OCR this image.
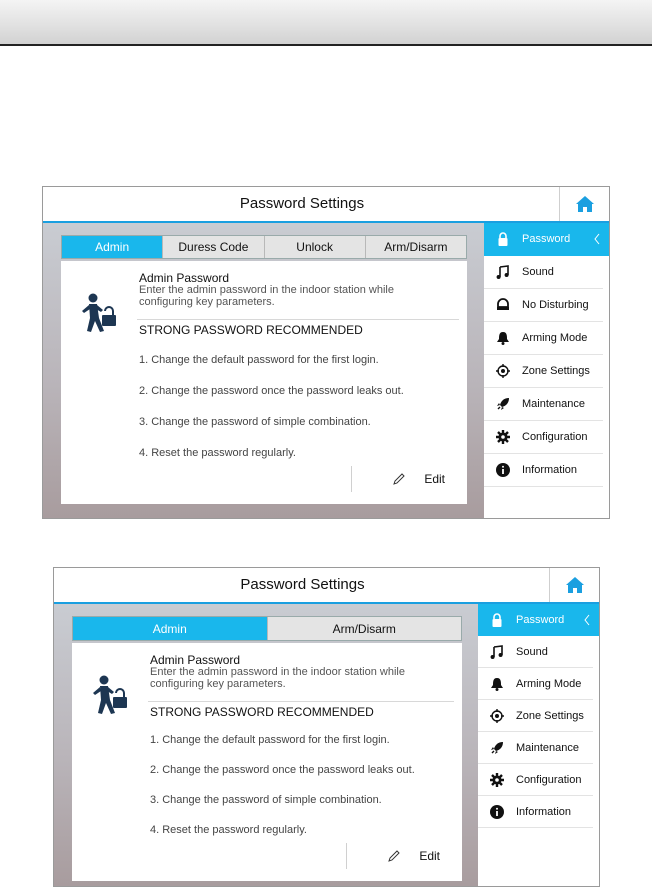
Password Settings
Admin	Duress Code	Unlock	Arm/Disarm
Admin Password
Enter the admin password in the indoor station while configuring key parameters.
STRONG PASSWORD RECOMMENDED
1. Change the default password for the first login.
2. Change the password once the password leaks out.
3. Change the password of simple combination.
4. Reset the password regularly.
Edit
Password
Sound
No Disturbing
Arming Mode
Zone Settings
Maintenance
Configuration
Information
Password Settings
Admin	Arm/Disarm
Admin Password
Enter the admin password in the indoor station while configuring key parameters.
STRONG PASSWORD RECOMMENDED
1. Change the default password for the first login.
2. Change the password once the password leaks out.
3. Change the password of simple combination.
4. Reset the password regularly.
Edit
Password
Sound
Arming Mode
Zone Settings
Maintenance
Configuration
Information
